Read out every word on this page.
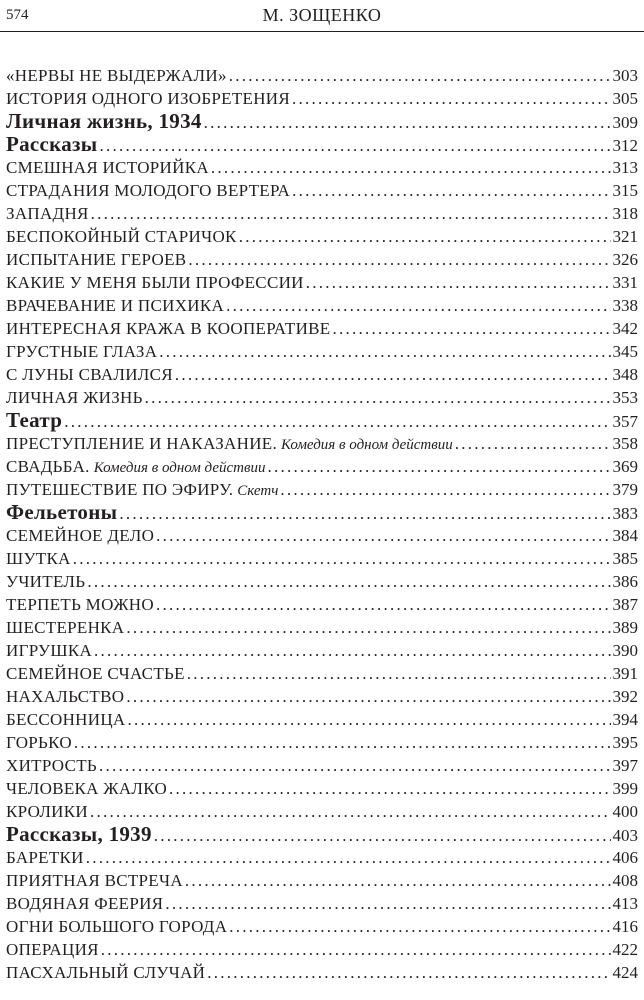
574	М. ЗОЩЕНКО
«НЕРВЫ НЕ ВЫДЕРЖАЛИ» . . .	303
ИСТОРИЯ ОДНОГО ИЗОБРЕТЕНИЯ . . .	305
Личная жизнь, 1934 . . .	309
Рассказы . . .	312
СМЕШНАЯ ИСТОРИЙКА . . .	313
СТРАДАНИЯ МОЛОДОГО ВЕРТЕРА . . .	315
ЗАПАДНЯ . . .	318
БЕСПОКОЙНЫЙ СТАРИЧОК . . .	321
ИСПЫТАНИЕ ГЕРОЕВ . . .	326
КАКИЕ У МЕНЯ БЫЛИ ПРОФЕССИИ . . .	331
ВРАЧЕВАНИЕ И ПСИХИКА . . .	338
ИНТЕРЕСНАЯ КРАЖА В КООПЕРАТИВЕ . . .	342
ГРУСТНЫЕ ГЛАЗА . . .	345
С ЛУНЫ СВАЛИЛСЯ . . .	348
ЛИЧНАЯ ЖИЗНЬ . . .	353
Театр . . .	357
ПРЕСТУПЛЕНИЕ И НАКАЗАНИЕ. Комедия в одном действии . . .	358
СВАДЬБА. Комедия в одном действии . . .	369
ПУТЕШЕСТВИЕ ПО ЭФИРУ. Скетч . . .	379
Фельетоны . . .	383
СЕМЕЙНОЕ ДЕЛО . . .	384
ШУТКА . . .	385
УЧИТЕЛЬ . . .	386
ТЕРПЕТЬ МОЖНО . . .	387
ШЕСТЕРЕНКА . . .	389
ИГРУШКА . . .	390
СЕМЕЙНОЕ СЧАСТЬЕ . . .	391
НАХАЛЬСТВО . . .	392
БЕССОННИЦА . . .	394
ГОРЬКО . . .	395
ХИТРОСТЬ . . .	397
ЧЕЛОВЕКА ЖАЛКО . . .	399
КРОЛИКИ . . .	400
Рассказы, 1939 . . .	403
БАРЕТКИ . . .	406
ПРИЯТНАЯ ВСТРЕЧА . . .	408
ВОДЯНАЯ ФЕЕРИЯ . . .	413
ОГНИ БОЛЬШОГО ГОРОДА . . .	416
ОПЕРАЦИЯ . . .	422
ПАСХАЛЬНЫЙ СЛУЧАЙ . . .	424
